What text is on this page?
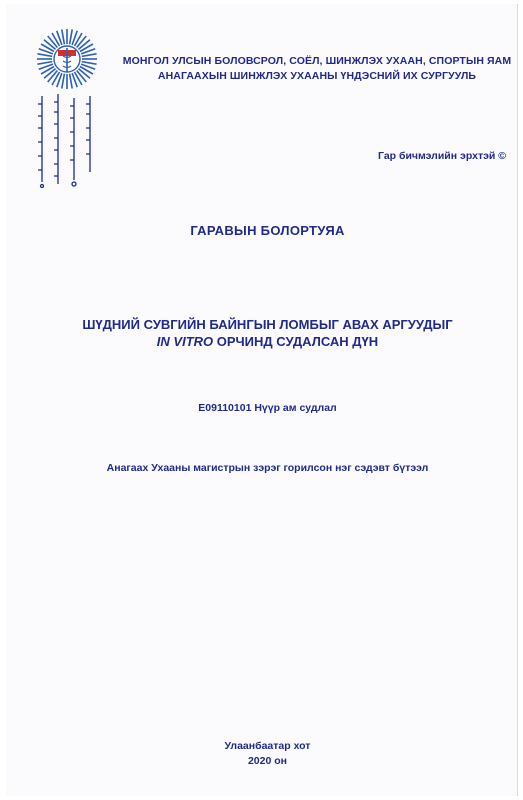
МОНГОЛ УЛСЫН БОЛОВСРОЛ, СОЁЛ, ШИНЖЛЭХ УХААН, СПОРТЫН ЯАМ
АНАГААХЫН ШИНЖЛЭХ УХААНЫ ҮНДЭСНИЙ ИХ СУРГУУЛЬ
Гар бичмэлийн эрхтэй ©
ГАРАВЫН БОЛОРТУЯА
ШҮДНИЙ СУВГИЙН БАЙНГЫН ЛОМБЫГ АВАХ АРГУУДЫГ
IN VITRO ОРЧИНД СУДАЛСАН ДҮН
E09110101 Нүүр ам судлал
Анагаах Ухааны магистрын зэрэг горилсон нэг сэдэвт бүтээл
Улаанбаатар хот
2020 он
